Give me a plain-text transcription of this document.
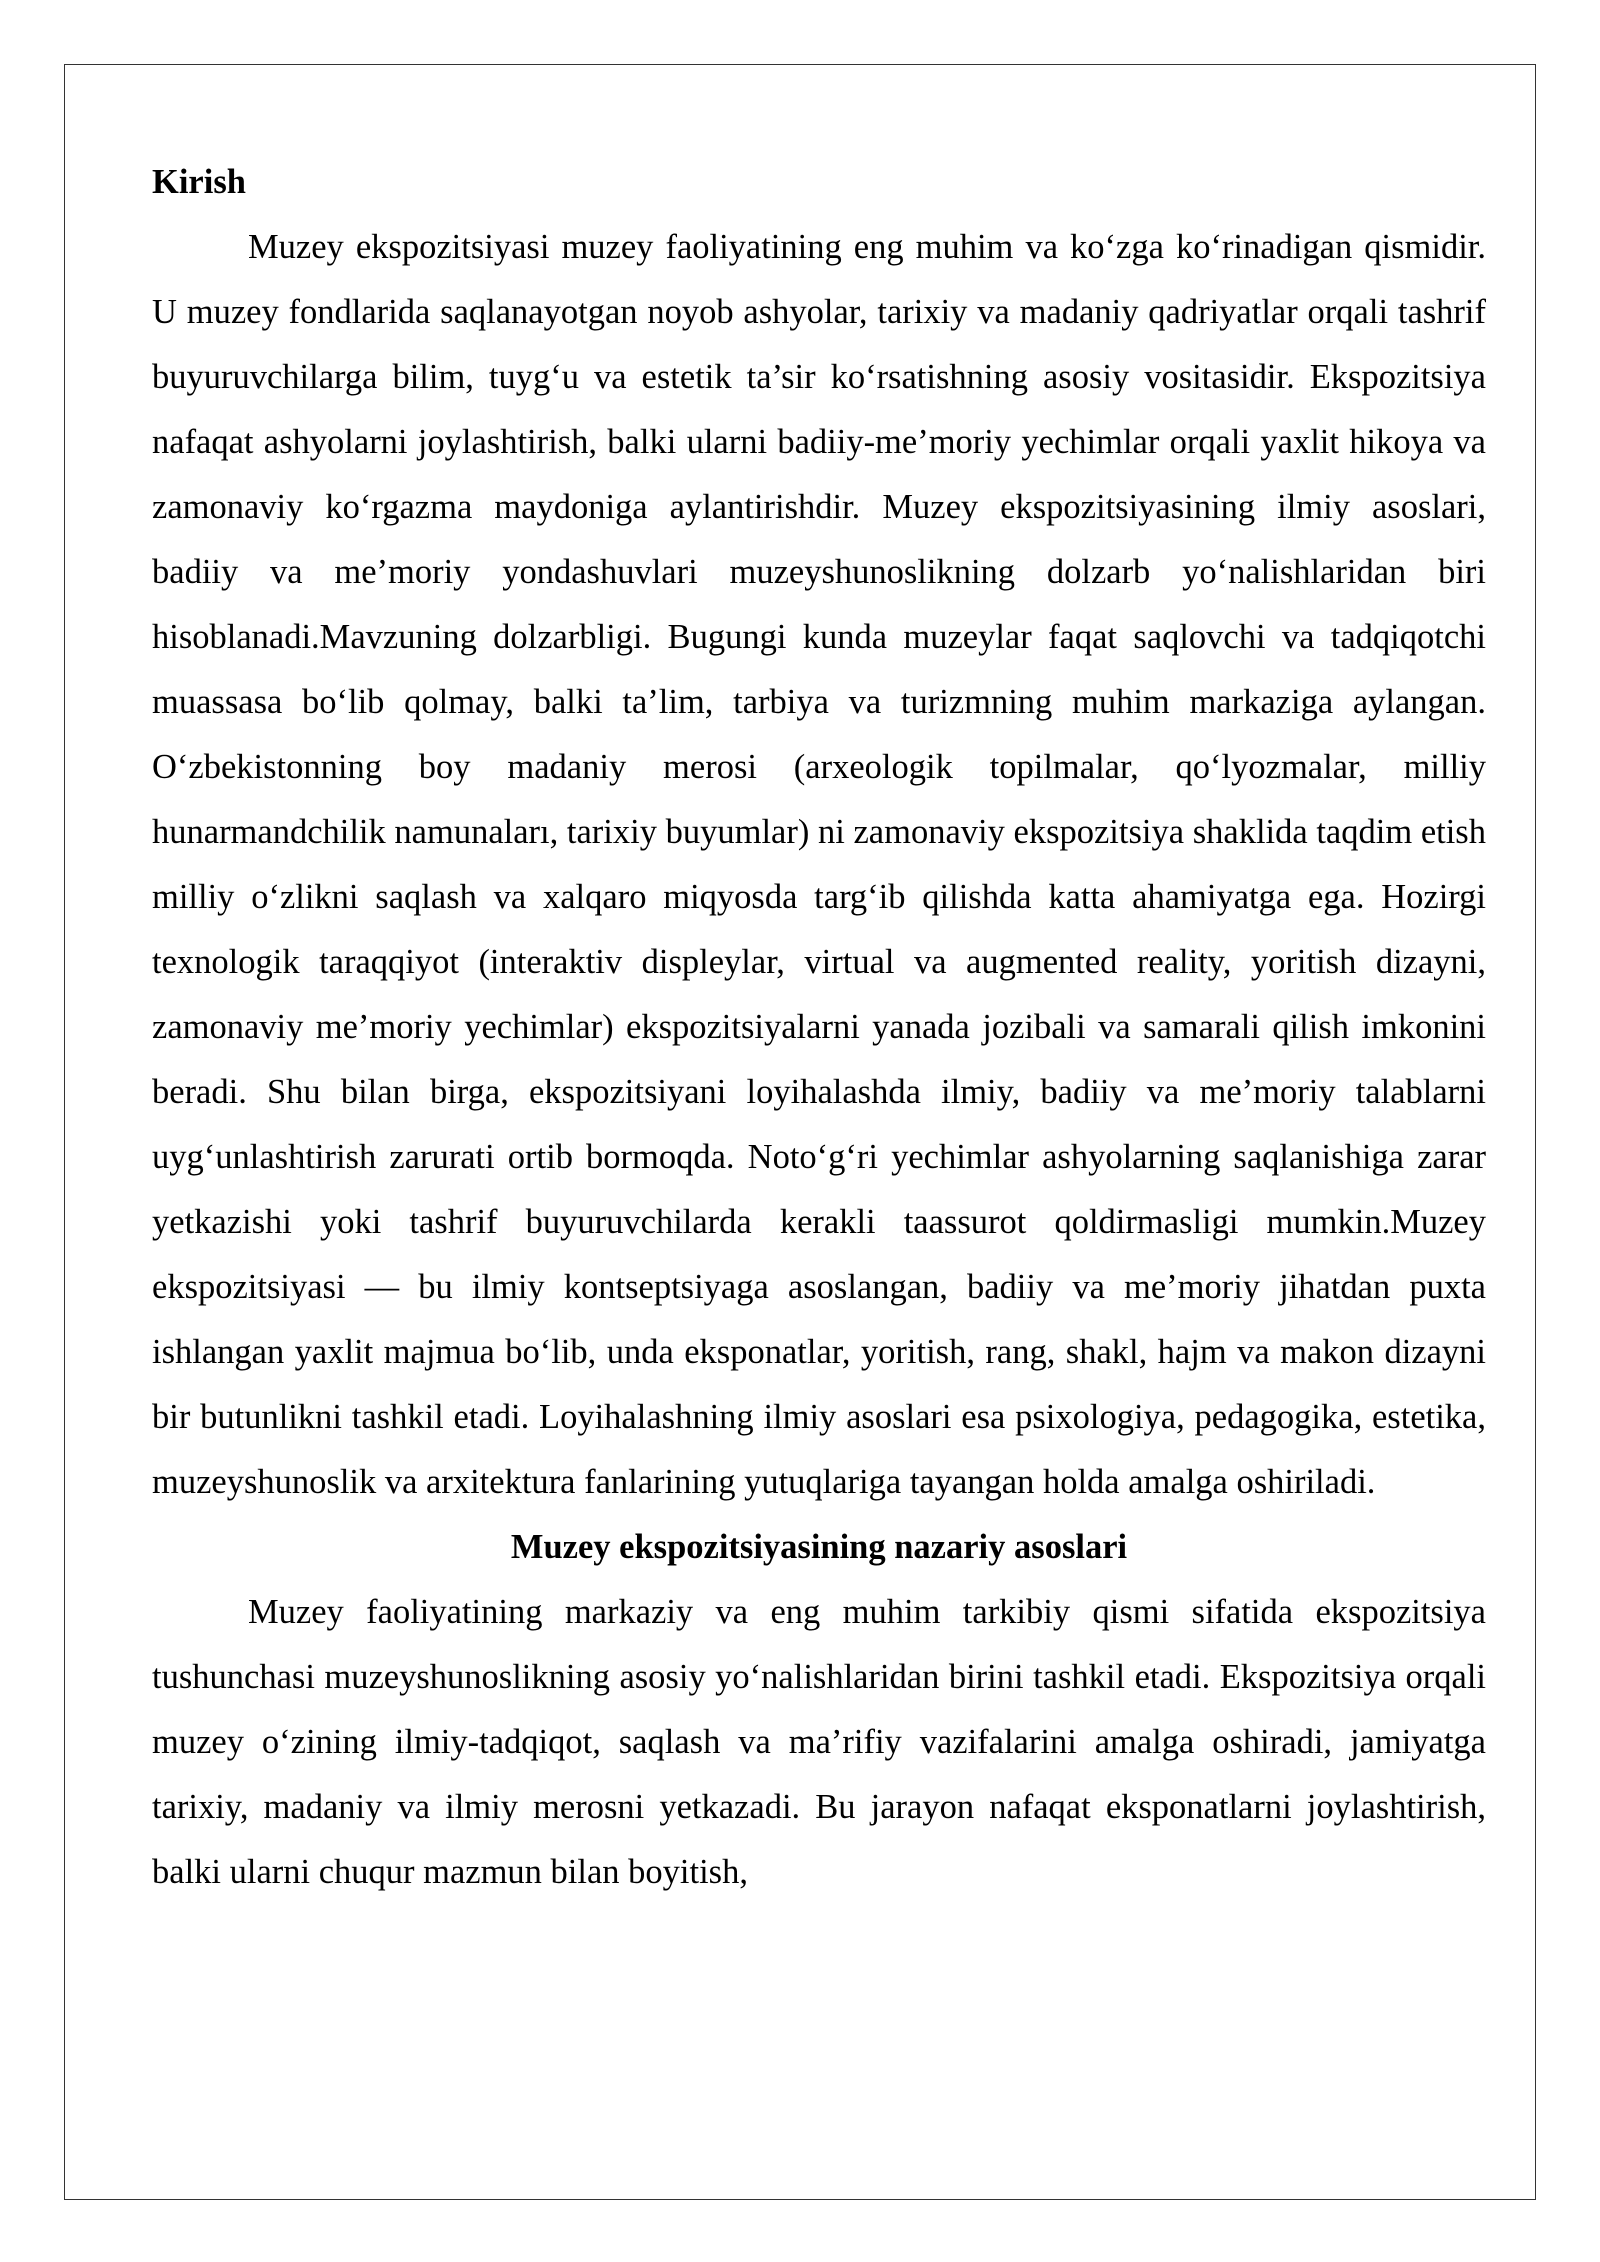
Kirish

Muzey ekspozitsiyasi muzey faoliyatining eng muhim va ko‘zga ko‘rinadigan qismidir. U muzey fondlarida saqlanayotgan noyob ashyolar, tarixiy va madaniy qadriyatlar orqali tashrif buyuruvchilarga bilim, tuyg‘u va estetik ta’sir ko‘rsatishning asosiy vositasidir. Ekspozitsiya nafaqat ashyolarni joylashtirish, balki ularni badiiy-me’moriy yechimlar orqali yaxlit hikoya va zamonaviy ko‘rgazma maydoniga aylantirishdir. Muzey ekspozitsiyasining ilmiy asoslari, badiiy va me’moriy yondashuvlari muzeyshunoslikning dolzarb yo‘nalishlaridan biri hisoblanadi.Mavzuning dolzarbligi. Bugungi kunda muzeylar faqat saqlovchi va tadqiqotchi muassasa bo‘lib qolmay, balki ta’lim, tarbiya va turizmning muhim markaziga aylangan. O‘zbekistonning boy madaniy merosi (arxeologik topilmalar, qo‘lyozmalar, milliy hunarmandchilik namunaları, tarixiy buyumlar) ni zamonaviy ekspozitsiya shaklida taqdim etish milliy o‘zlikni saqlash va xalqaro miqyosda targ‘ib qilishda katta ahamiyatga ega. Hozirgi texnologik taraqqiyot (interaktiv displeylar, virtual va augmented reality, yoritish dizayni, zamonaviy me’moriy yechimlar) ekspozitsiyalarni yanada jozibali va samarali qilish imkonini beradi. Shu bilan birga, ekspozitsiyani loyihalashda ilmiy, badiiy va me’moriy talablarni uyg‘unlashtirish zarurati ortib bormoqda. Noto‘g‘ri yechimlar ashyolarning saqlanishiga zarar yetkazishi yoki tashrif buyuruvchilarda kerakli taassurot qoldirmasligi mumkin.Muzey ekspozitsiyasi — bu ilmiy kontseptsiyaga asoslangan, badiiy va me’moriy jihatdan puxta ishlangan yaxlit majmua bo‘lib, unda eksponatlar, yoritish, rang, shakl, hajm va makon dizayni bir butunlikni tashkil etadi. Loyihalashning ilmiy asoslari esa psixologiya, pedagogika, estetika, muzeyshunoslik va arxitektura fanlarining yutuqlariga tayangan holda amalga oshiriladi.

Muzey ekspozitsiyasining nazariy asoslari

Muzey faoliyatining markaziy va eng muhim tarkibiy qismi sifatida ekspozitsiya tushunchasi muzeyshunoslikning asosiy yo‘nalishlaridan birini tashkil etadi. Ekspozitsiya orqali muzey o‘zining ilmiy-tadqiqot, saqlash va ma’rifiy vazifalarini amalga oshiradi, jamiyatga tarixiy, madaniy va ilmiy merosni yetkazadi. Bu jarayon nafaqat eksponatlarni joylashtirish, balki ularni chuqur mazmun bilan boyitish,
